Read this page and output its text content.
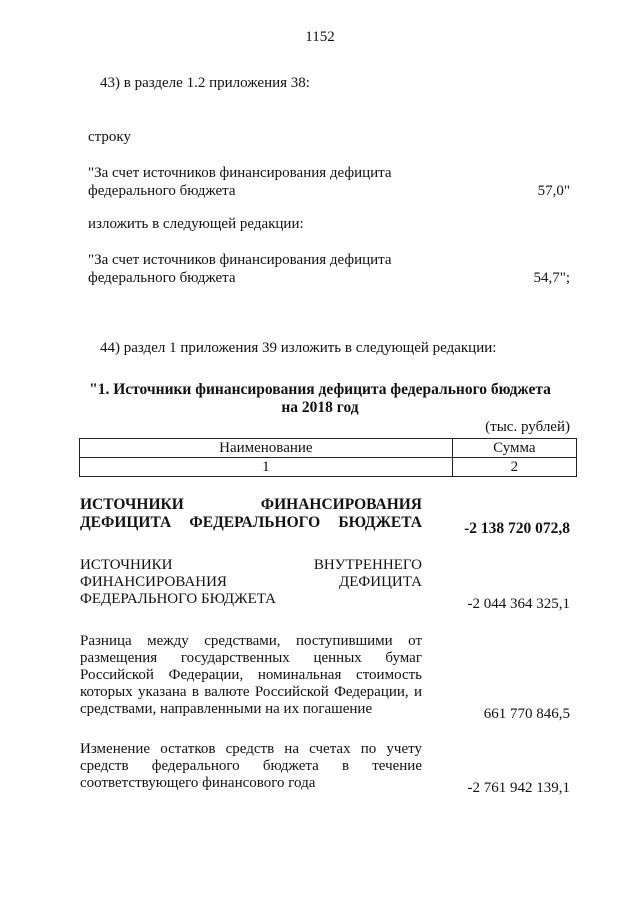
1152
43) в разделе 1.2 приложения 38:
строку
"За счет источников финансирования дефицита
федерального бюджета	57,0"
изложить в следующей редакции:
"За счет источников финансирования дефицита
федерального бюджета	54,7";
44) раздел 1 приложения 39 изложить в следующей редакции:
"1. Источники финансирования дефицита федерального бюджета
на 2018 год
(тыс. рублей)
Наименование	Сумма
1	2
ИСТОЧНИКИ ФИНАНСИРОВАНИЯ
ДЕФИЦИТА ФЕДЕРАЛЬНОГО БЮДЖЕТА	-2 138 720 072,8
ИСТОЧНИКИ ВНУТРЕННЕГО
ФИНАНСИРОВАНИЯ ДЕФИЦИТА
ФЕДЕРАЛЬНОГО БЮДЖЕТА	-2 044 364 325,1
Разница между средствами, поступившими от
размещения государственных ценных бумаг
Российской Федерации, номинальная стоимость
которых указана в валюте Российской Федерации, и
средствами, направленными на их погашение	661 770 846,5
Изменение остатков средств на счетах по учету
средств федерального бюджета в течение
соответствующего финансового года	-2 761 942 139,1
